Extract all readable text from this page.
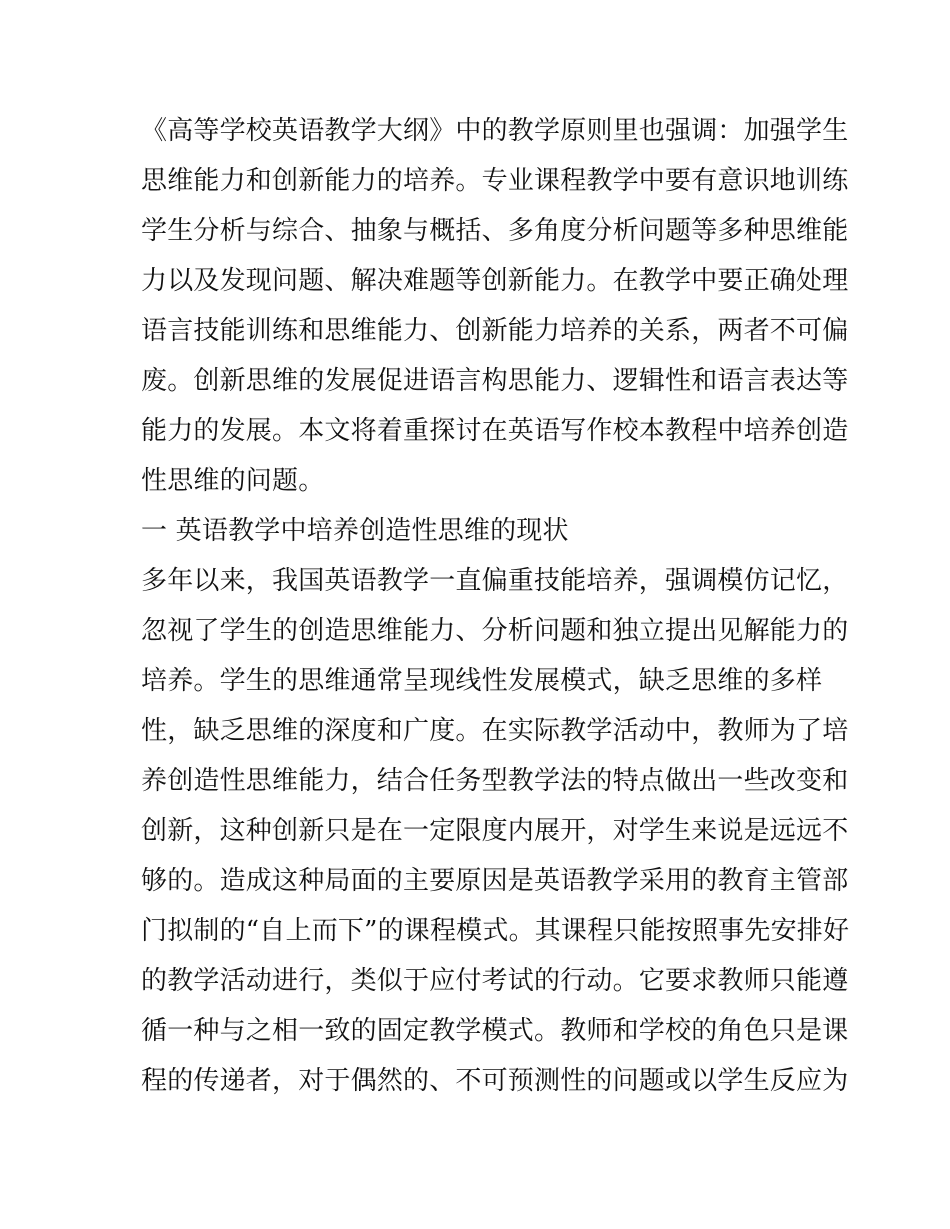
《高等学校英语教学大纲》中的教学原则里也强调：加强学生
思维能力和创新能力的培养。专业课程教学中要有意识地训练
学生分析与综合、抽象与概括、多角度分析问题等多种思维能
力以及发现问题、解决难题等创新能力。在教学中要正确处理
语言技能训练和思维能力、创新能力培养的关系，两者不可偏
废。创新思维的发展促进语言构思能力、逻辑性和语言表达等
能力的发展。本文将着重探讨在英语写作校本教程中培养创造
性思维的问题。
一 英语教学中培养创造性思维的现状
多年以来，我国英语教学一直偏重技能培养，强调模仿记忆，
忽视了学生的创造思维能力、分析问题和独立提出见解能力的
培养。学生的思维通常呈现线性发展模式，缺乏思维的多样
性，缺乏思维的深度和广度。在实际教学活动中，教师为了培
养创造性思维能力，结合任务型教学法的特点做出一些改变和
创新，这种创新只是在一定限度内展开，对学生来说是远远不
够的。造成这种局面的主要原因是英语教学采用的教育主管部
门拟制的“自上而下”的课程模式。其课程只能按照事先安排好
的教学活动进行，类似于应付考试的行动。它要求教师只能遵
循一种与之相一致的固定教学模式。教师和学校的角色只是课
程的传递者，对于偶然的、不可预测性的问题或以学生反应为
